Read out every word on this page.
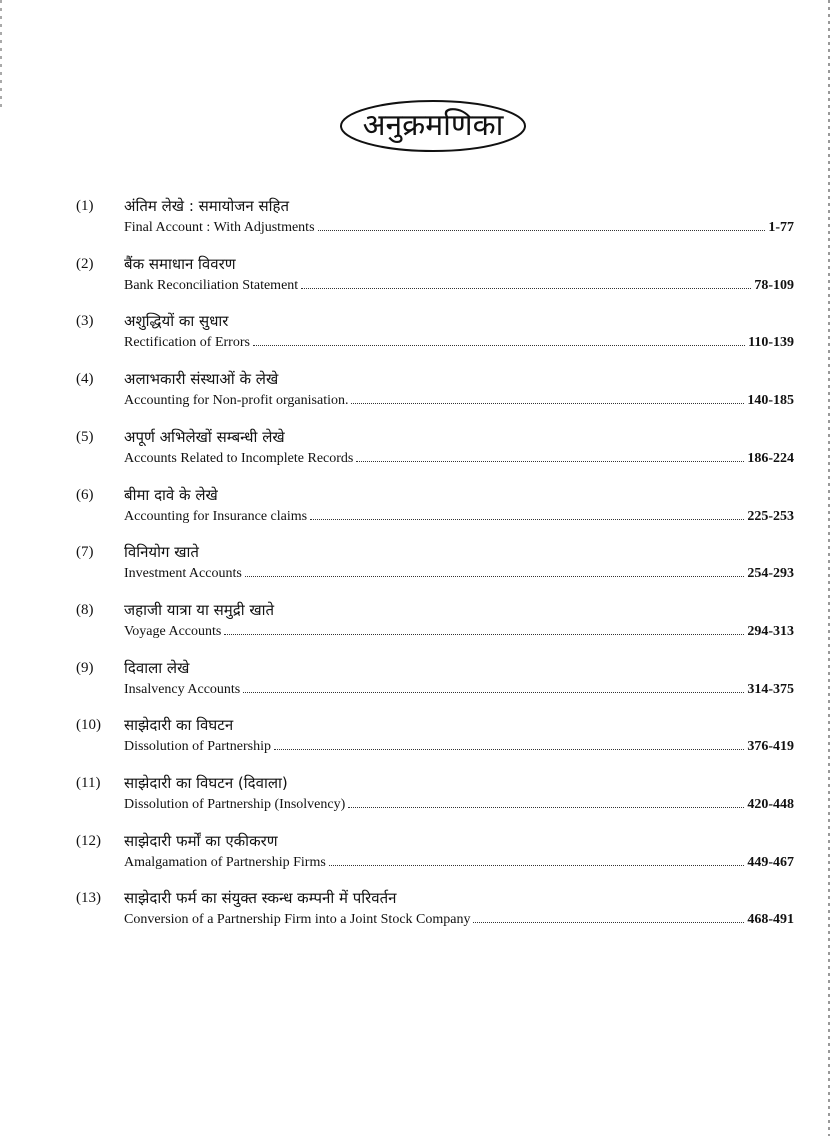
अनुक्रमणिका
(1) अंतिम लेखे : समायोजन सहित
Final Account : With Adjustments	1-77
(2) बैंक समाधान विवरण
Bank Reconciliation Statement	78-109
(3) अशुद्धियों का सुधार
Rectification of Errors	110-139
(4) अलाभकारी संस्थाओं के लेखे
Accounting for Non-profit organisation.	140-185
(5) अपूर्ण अभिलेखों सम्बन्धी लेखे
Accounts Related to Incomplete Records	186-224
(6) बीमा दावे के लेखे
Accounting for Insurance claims	225-253
(7) विनियोग खाते
Investment Accounts	254-293
(8) जहाजी यात्रा या समुद्री खाते
Voyage Accounts	294-313
(9) दिवाला लेखे
Insalvency Accounts	314-375
(10) साझेदारी का विघटन
Dissolution of Partnership	376-419
(11) साझेदारी का विघटन (दिवाला)
Dissolution of Partnership (Insolvency)	420-448
(12) साझेदारी फर्मों का एकीकरण
Amalgamation of Partnership Firms	449-467
(13) साझेदारी फर्म का संयुक्त स्कन्ध कम्पनी में परिवर्तन
Conversion of a Partnership Firm into a Joint Stock Company	468-491
